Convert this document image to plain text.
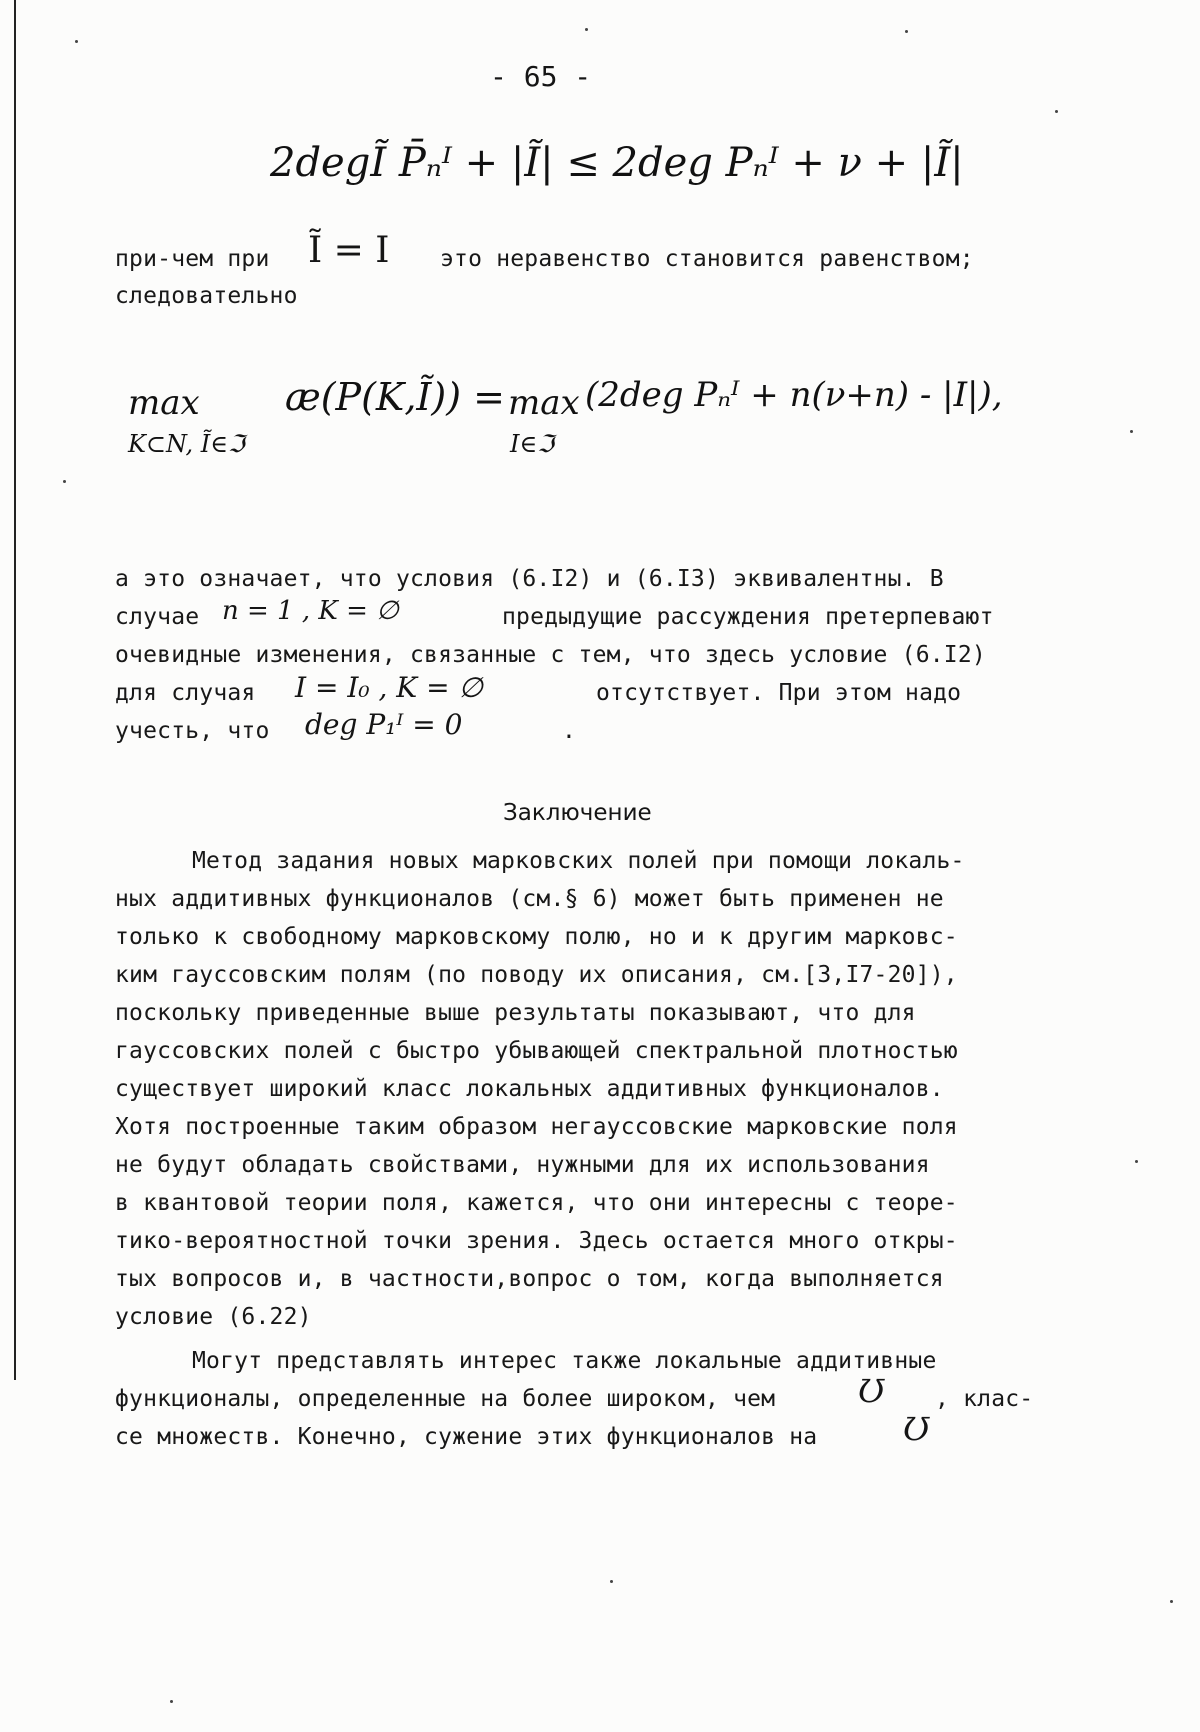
- 65 -
2degĨ P̄ₙᴵ + |Ĩ| ≤ 2deg Pₙᴵ + ν + |Ĩ|
при-чем при Ĩ = I это неравенство становится равенством;
следовательно
max
K⊂N, Ĩ∈ℑ
æ(P(K,Ĩ)) = max
I∈ℑ
(2deg Pₙᴵ + n(ν+n) - |I|),
а это означает, что условия (6.I2) и (6.I3) эквивалентны. В
случае n = 1 , K = ∅	предыдущие рассуждения претерпевают
очевидные изменения, связанные с тем, что здесь условие (6.I2)
для случая I = I₀ , K = ∅	отсутствует. При этом надо
учесть, что deg P₁ᴵ = 0	.
Заключение
Метод задания новых марковских полей при помощи локаль-
ных аддитивных функционалов (см.§ 6) может быть применен не
только к свободному марковскому полю, но и к другим марковс-
ким гауссовским полям (по поводу их описания, см.[3,I7-20]),
поскольку приведенные выше результаты показывают, что для
гауссовских полей с быстро убывающей спектральной плотностью
существует широкий класс локальных аддитивных функционалов.
Хотя построенные таким образом негауссовские марковские поля
не будут обладать свойствами, нужными для их использования
в квантовой теории поля, кажется, что они интересны с теоре-
тико-вероятностной точки зрения. Здесь остается много откры-
тых вопросов и, в частности,вопрос о том, когда выполняется
условие (6.22)
Могут представлять интерес также локальные аддитивные
функционалы, определенные на более широком, чем	Ʊ , клас-
се множеств. Конечно, сужение этих функционалов на	Ʊ
